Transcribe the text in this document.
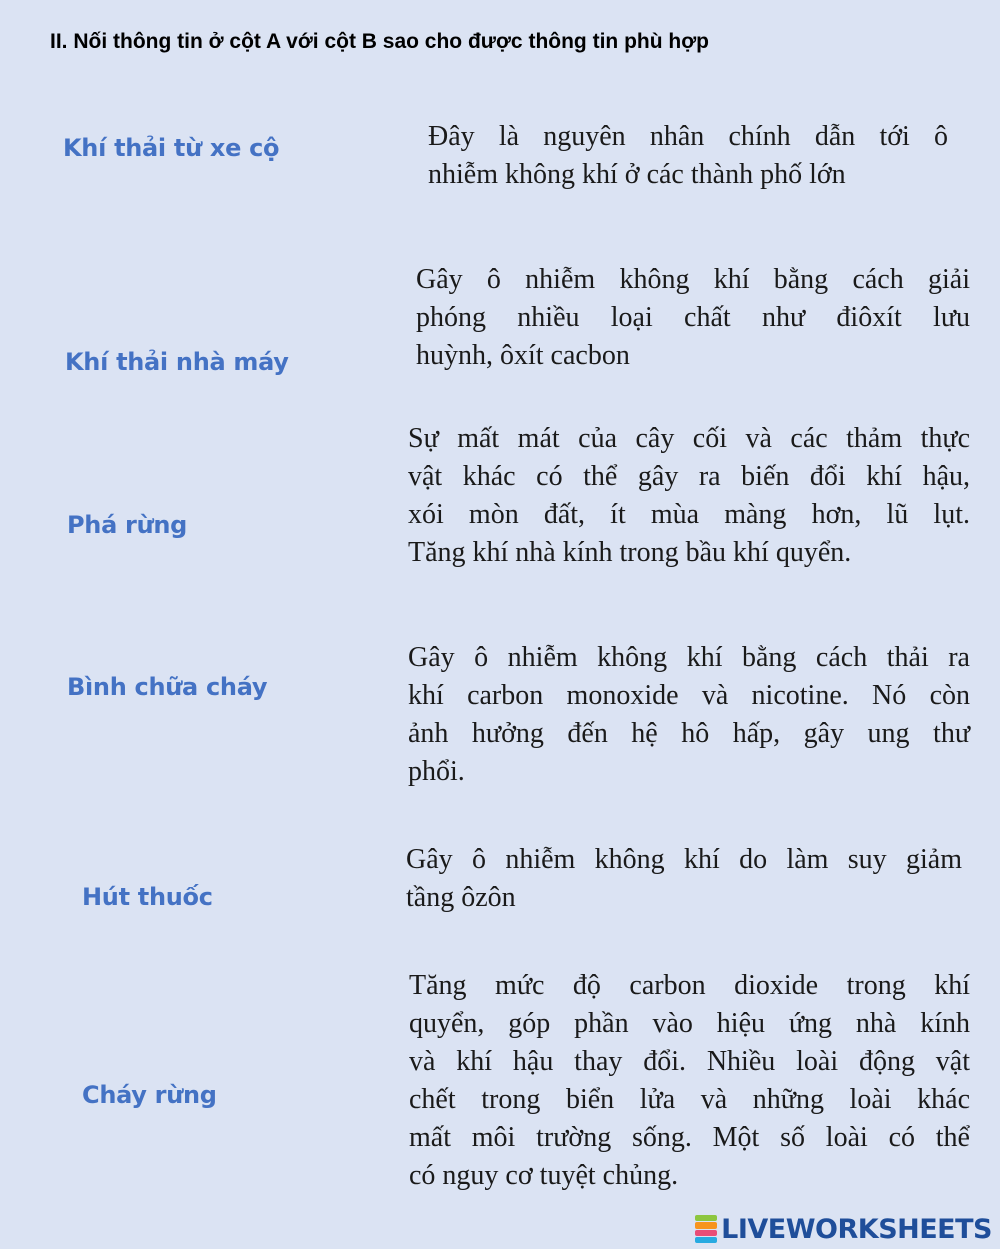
II. Nối thông tin ở cột A với cột B sao cho được thông tin phù hợp
Khí thải từ xe cộ
Khí thải nhà máy
Phá rừng
Bình chữa cháy
Hút thuốc
Cháy rừng
Đây là nguyên nhân chính dẫn tới ô
nhiễm không khí ở các thành phố lớn
Gây ô nhiễm không khí bằng cách giải
phóng nhiều loại chất như điôxít lưu
huỳnh, ôxít cacbon
Sự mất mát của cây cối và các thảm thực
vật khác có thể gây ra biến đổi khí hậu,
xói mòn đất, ít mùa màng hơn, lũ lụt.
Tăng khí nhà kính trong bầu khí quyển.
Gây ô nhiễm không khí bằng cách thải ra
khí carbon monoxide và nicotine. Nó còn
ảnh hưởng đến hệ hô hấp, gây ung thư
phổi.
Gây ô nhiễm không khí do làm suy giảm
tầng ôzôn
Tăng mức độ carbon dioxide trong khí
quyển, góp phần vào hiệu ứng nhà kính
và khí hậu thay đổi. Nhiều loài động vật
chết trong biển lửa và những loài khác
mất môi trường sống. Một số loài có thể
có nguy cơ tuyệt chủng.
LIVEWORKSHEETS
